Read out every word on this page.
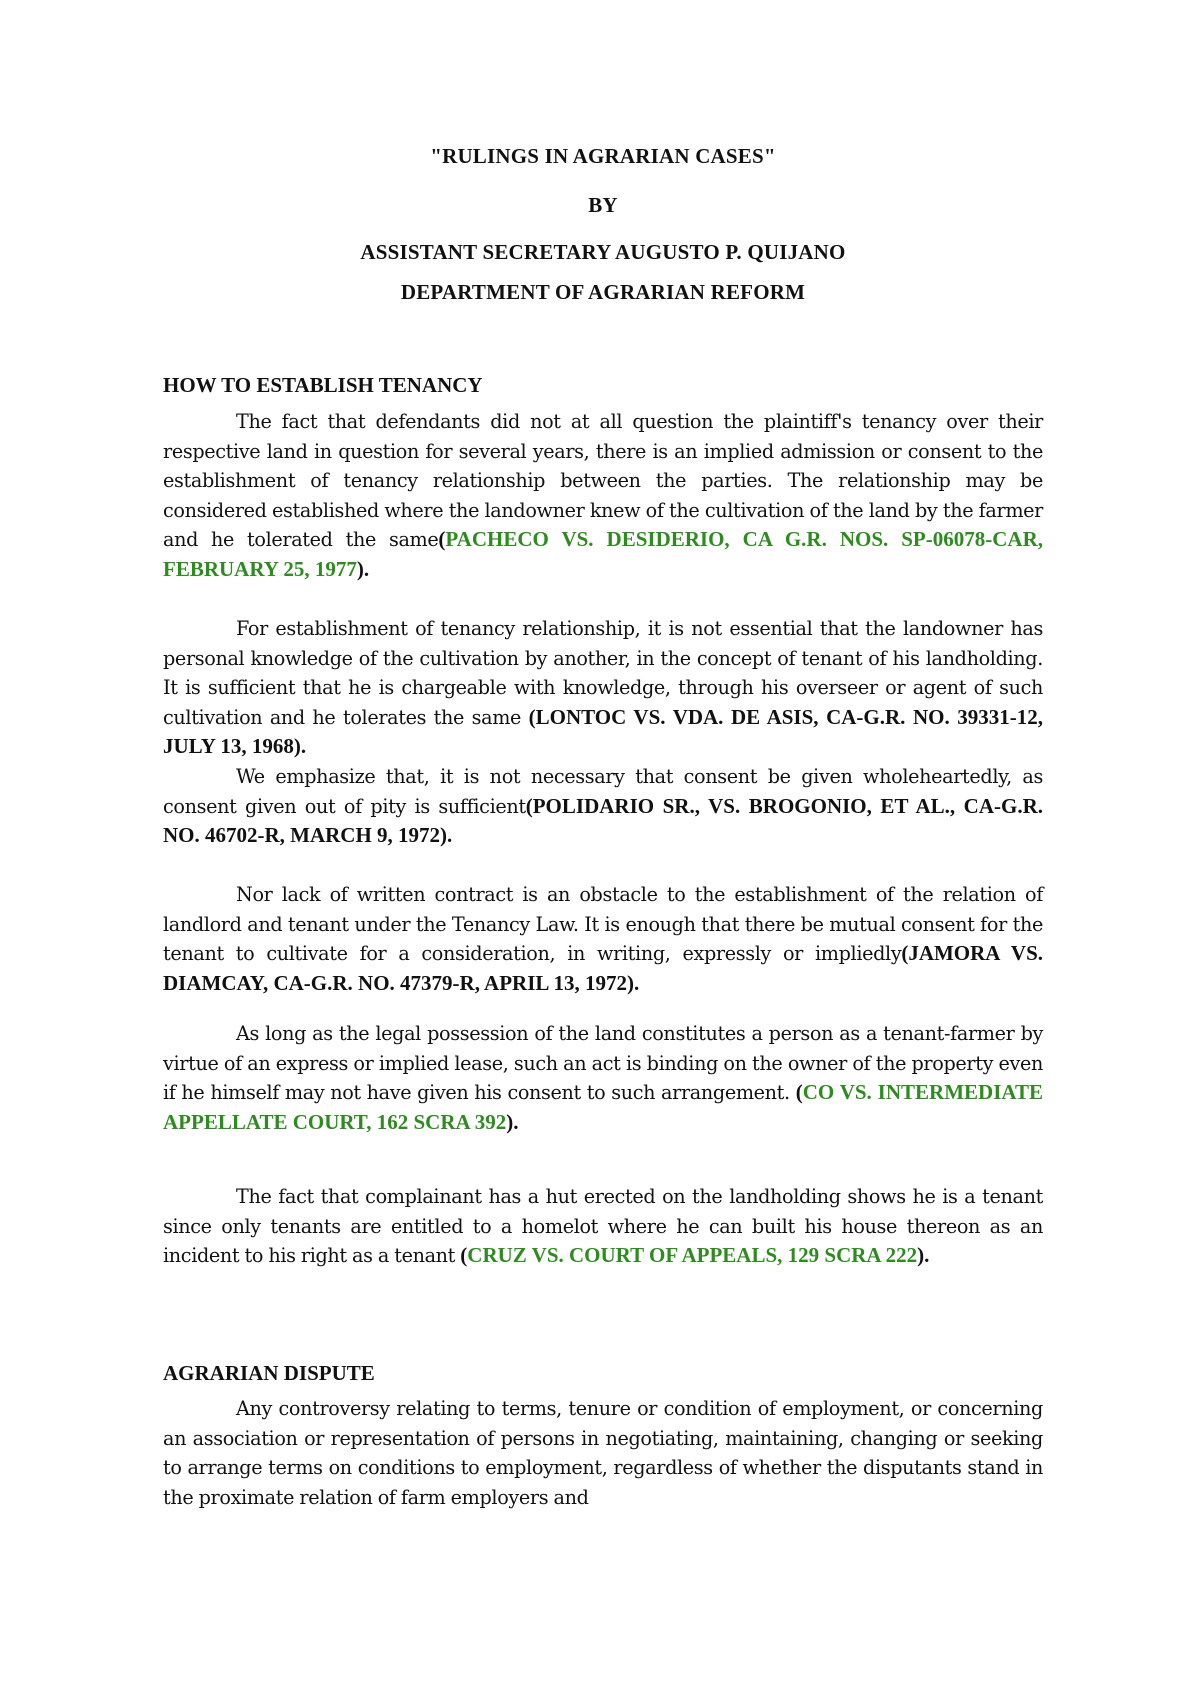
"RULINGS IN AGRARIAN CASES"
BY
ASSISTANT SECRETARY AUGUSTO P. QUIJANO
DEPARTMENT OF AGRARIAN REFORM
HOW TO ESTABLISH TENANCY
The fact that defendants did not at all question the plaintiff's tenancy over their respective land in question for several years, there is an implied admission or consent to the establishment of tenancy relationship between the parties. The relationship may be considered established where the landowner knew of the cultivation of the land by the farmer and he tolerated the same(PACHECO VS. DESIDERIO, CA G.R. NOS. SP-06078-CAR, FEBRUARY 25, 1977).
For establishment of tenancy relationship, it is not essential that the landowner has personal knowledge of the cultivation by another, in the concept of tenant of his landholding. It is sufficient that he is chargeable with knowledge, through his overseer or agent of such cultivation and he tolerates the same (LONTOC VS. VDA. DE ASIS, CA-G.R. NO. 39331-12, JULY 13, 1968).
We emphasize that, it is not necessary that consent be given wholeheartedly, as consent given out of pity is sufficient(POLIDARIO SR., VS. BROGONIO, ET AL., CA-G.R. NO. 46702-R, MARCH 9, 1972).
Nor lack of written contract is an obstacle to the establishment of the relation of landlord and tenant under the Tenancy Law. It is enough that there be mutual consent for the tenant to cultivate for a consideration, in writing, expressly or impliedly(JAMORA VS. DIAMCAY, CA-G.R. NO. 47379-R, APRIL 13, 1972).
As long as the legal possession of the land constitutes a person as a tenant-farmer by virtue of an express or implied lease, such an act is binding on the owner of the property even if he himself may not have given his consent to such arrangement. (CO VS. INTERMEDIATE APPELLATE COURT, 162 SCRA 392).
The fact that complainant has a hut erected on the landholding shows he is a tenant since only tenants are entitled to a homelot where he can built his house thereon as an incident to his right as a tenant (CRUZ VS. COURT OF APPEALS, 129 SCRA 222).
AGRARIAN DISPUTE
Any controversy relating to terms, tenure or condition of employment, or concerning an association or representation of persons in negotiating, maintaining, changing or seeking to arrange terms on conditions to employment, regardless of whether the disputants stand in the proximate relation of farm employers and
